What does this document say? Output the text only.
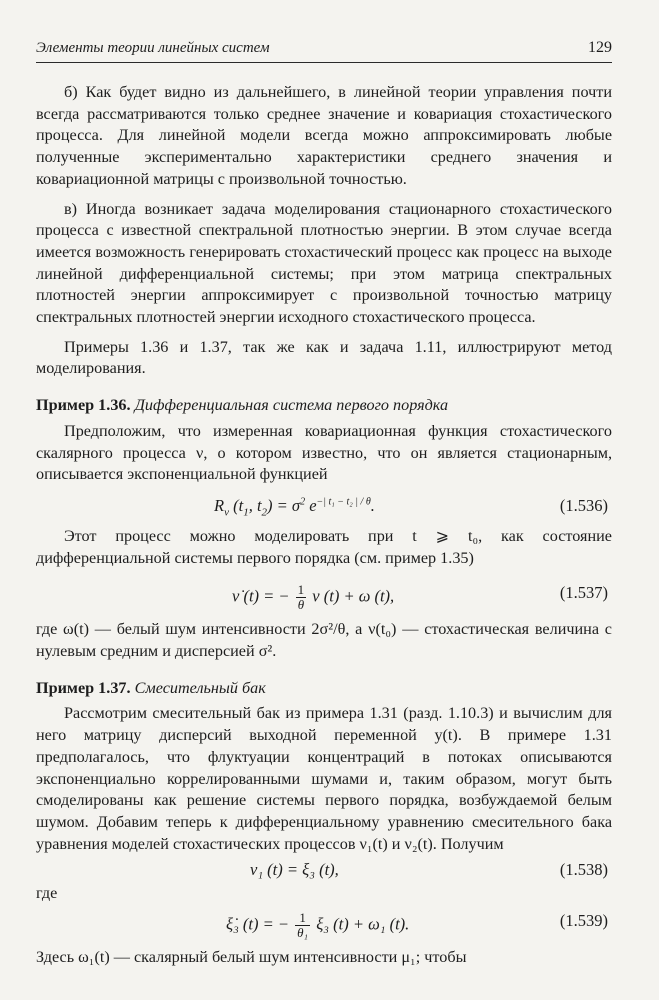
Элементы теории линейных систем	129

б) Как будет видно из дальнейшего, в линейной теории управления почти всегда рассматриваются только среднее значение и ковариация стохастического процесса. Для линейной модели всегда можно аппроксимировать любые полученные экспериментально характеристики среднего значения и ковариационной матрицы с произвольной точностью.

в) Иногда возникает задача моделирования стационарного стохастического процесса с известной спектральной плотностью энергии. В этом случае всегда имеется возможность генерировать стохастический процесс как процесс на выходе линейной дифференциальной системы; при этом матрица спектральных плотностей энергии аппроксимирует с произвольной точностью матрицу спектральных плотностей энергии исходного стохастического процесса.

Примеры 1.36 и 1.37, так же как и задача 1.11, иллюстрируют метод моделирования.

Пример 1.36. Дифференциальная система первого порядка

Предположим, что измеренная ковариационная функция стохастического скалярного процесса ν, о котором известно, что он является стационарным, описывается экспоненциальной функцией

$R_\nu$ ($t_1$, $t_2) = \sigma^2$ $e^{-| t_1 - t_2 | / \theta}$.	(1.536)

Этот процесс можно моделировать при t ⩾ t₀, как состояние дифференциальной системы первого порядка (см. пример 1.35)

ν̇ (t) = − $\frac{1}{\theta}$ ν (t) + ω (t),	(1.537)

где ω(t) — белый шум интенсивности 2σ²/θ, а ν(t₀) — стохастическая величина с нулевым средним и дисперсией σ².

Пример 1.37. Смесительный бак

Рассмотрим смесительный бак из примера 1.31 (разд. 1.10.3) и вычислим для него матрицу дисперсий выходной переменной y(t). В примере 1.31 предполагалось, что флуктуации концентраций в потоках описываются экспоненциально коррелированными шумами и, таким образом, могут быть смоделированы как решение системы первого порядка, возбуждаемой белым шумом. Добавим теперь к дифференциальному уравнению смесительного бака уравнения моделей стохастических процессов ν₁(t) и ν₂(t). Получим

ν₁ (t) = ξ₃ (t),	(1.538)

где

ξ̇₃ (t) = − $\frac{1}{\text{θ₁}} \xi_3$ (t) + ω₁ (t).	(1.539)

Здесь ω₁(t) — скалярный белый шум интенсивности μ₁; чтобы
